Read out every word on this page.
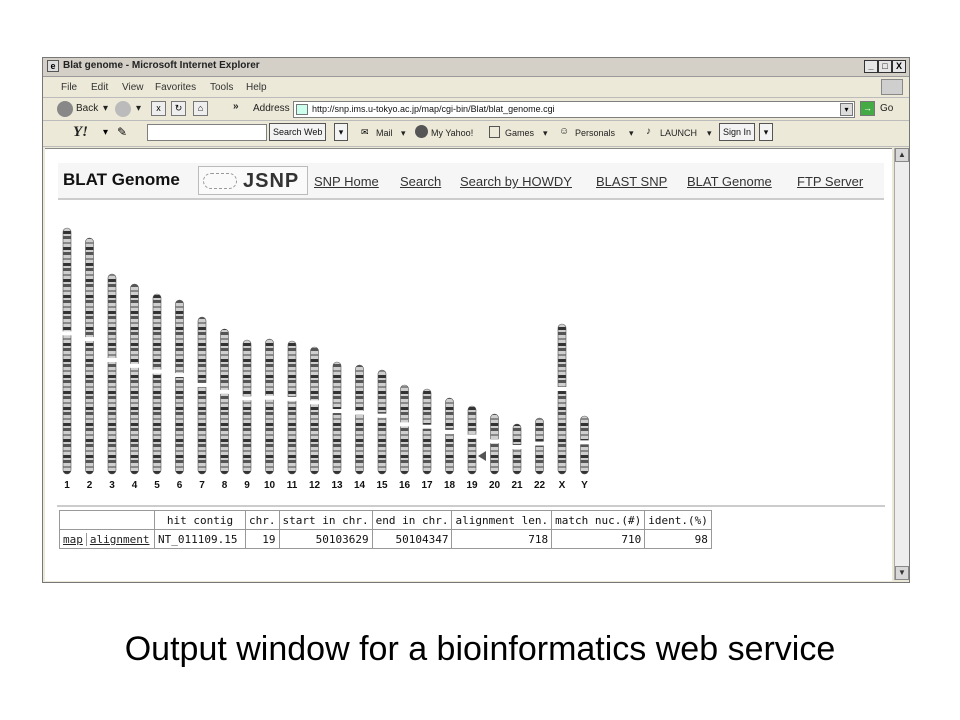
e Blat genome - Microsoft Internet Explorer	_ □ X
File Edit View Favorites Tools Help
Back ▾	▾	x	↻	⌂	» Address	→ Go
http://snp.ims.u-tokyo.ac.jp/map/cgi-bin/Blat/blat_genome.cgi	▾
Y! ▾ ✎	Search Web	▾	✉ Mail ▾	My Yahoo!	Games ▾ ☺ Personals ▾ ♪ LAUNCH ▾	Sign In	▾
BLAT Genome	JSNP SNP Home Search Search by HOWDY BLAST SNP BLAT Genome FTP Server
1 2 3 4 5 6 7 8 9 10 11 12 13 14 15 16 17 18 19 20 21 22 X Y
	hit contig	chr.	start in chr.	end in chr.	alignment len.	match nuc.(#)	ident.(%)
map alignment	NT_011109.15	19	50103629	50104347	718	710	98
▲
▼
Output window for a bioinformatics web service
